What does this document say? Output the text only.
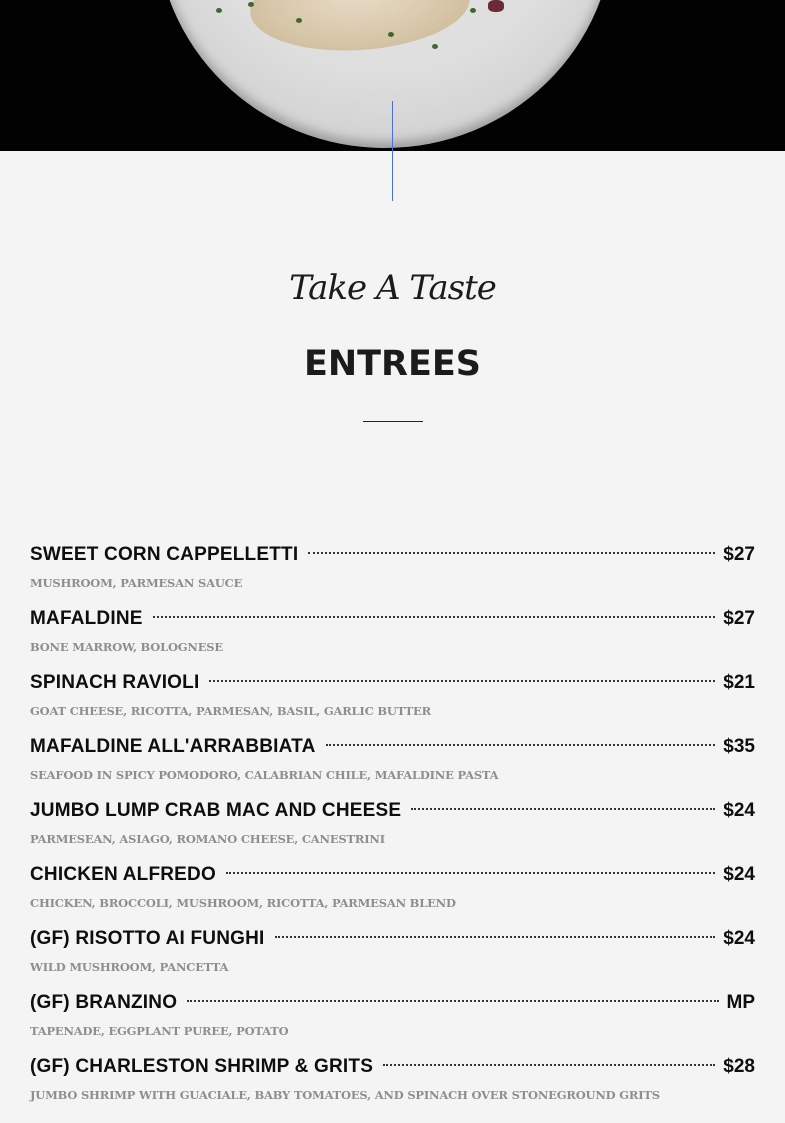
Take A Taste
ENTREES
SWEET CORN CAPPELLETTI	$27
MUSHROOM, PARMESAN SAUCE
MAFALDINE	$27
BONE MARROW, BOLOGNESE
SPINACH RAVIOLI	$21
GOAT CHEESE, RICOTTA, PARMESAN, BASIL, GARLIC BUTTER
MAFALDINE ALL'ARRABBIATA	$35
SEAFOOD IN SPICY POMODORO, CALABRIAN CHILE, MAFALDINE PASTA
JUMBO LUMP CRAB MAC AND CHEESE	$24
PARMESEAN, ASIAGO, ROMANO CHEESE, CANESTRINI
CHICKEN ALFREDO	$24
CHICKEN, BROCCOLI, MUSHROOM, RICOTTA, PARMESAN BLEND
(GF) RISOTTO AI FUNGHI	$24
WILD MUSHROOM, PANCETTA
(GF) BRANZINO	MP
TAPENADE, EGGPLANT PUREE, POTATO
(GF) CHARLESTON SHRIMP & GRITS	$28
JUMBO SHRIMP WITH GUACIALE, BABY TOMATOES, AND SPINACH OVER STONEGROUND GRITS
